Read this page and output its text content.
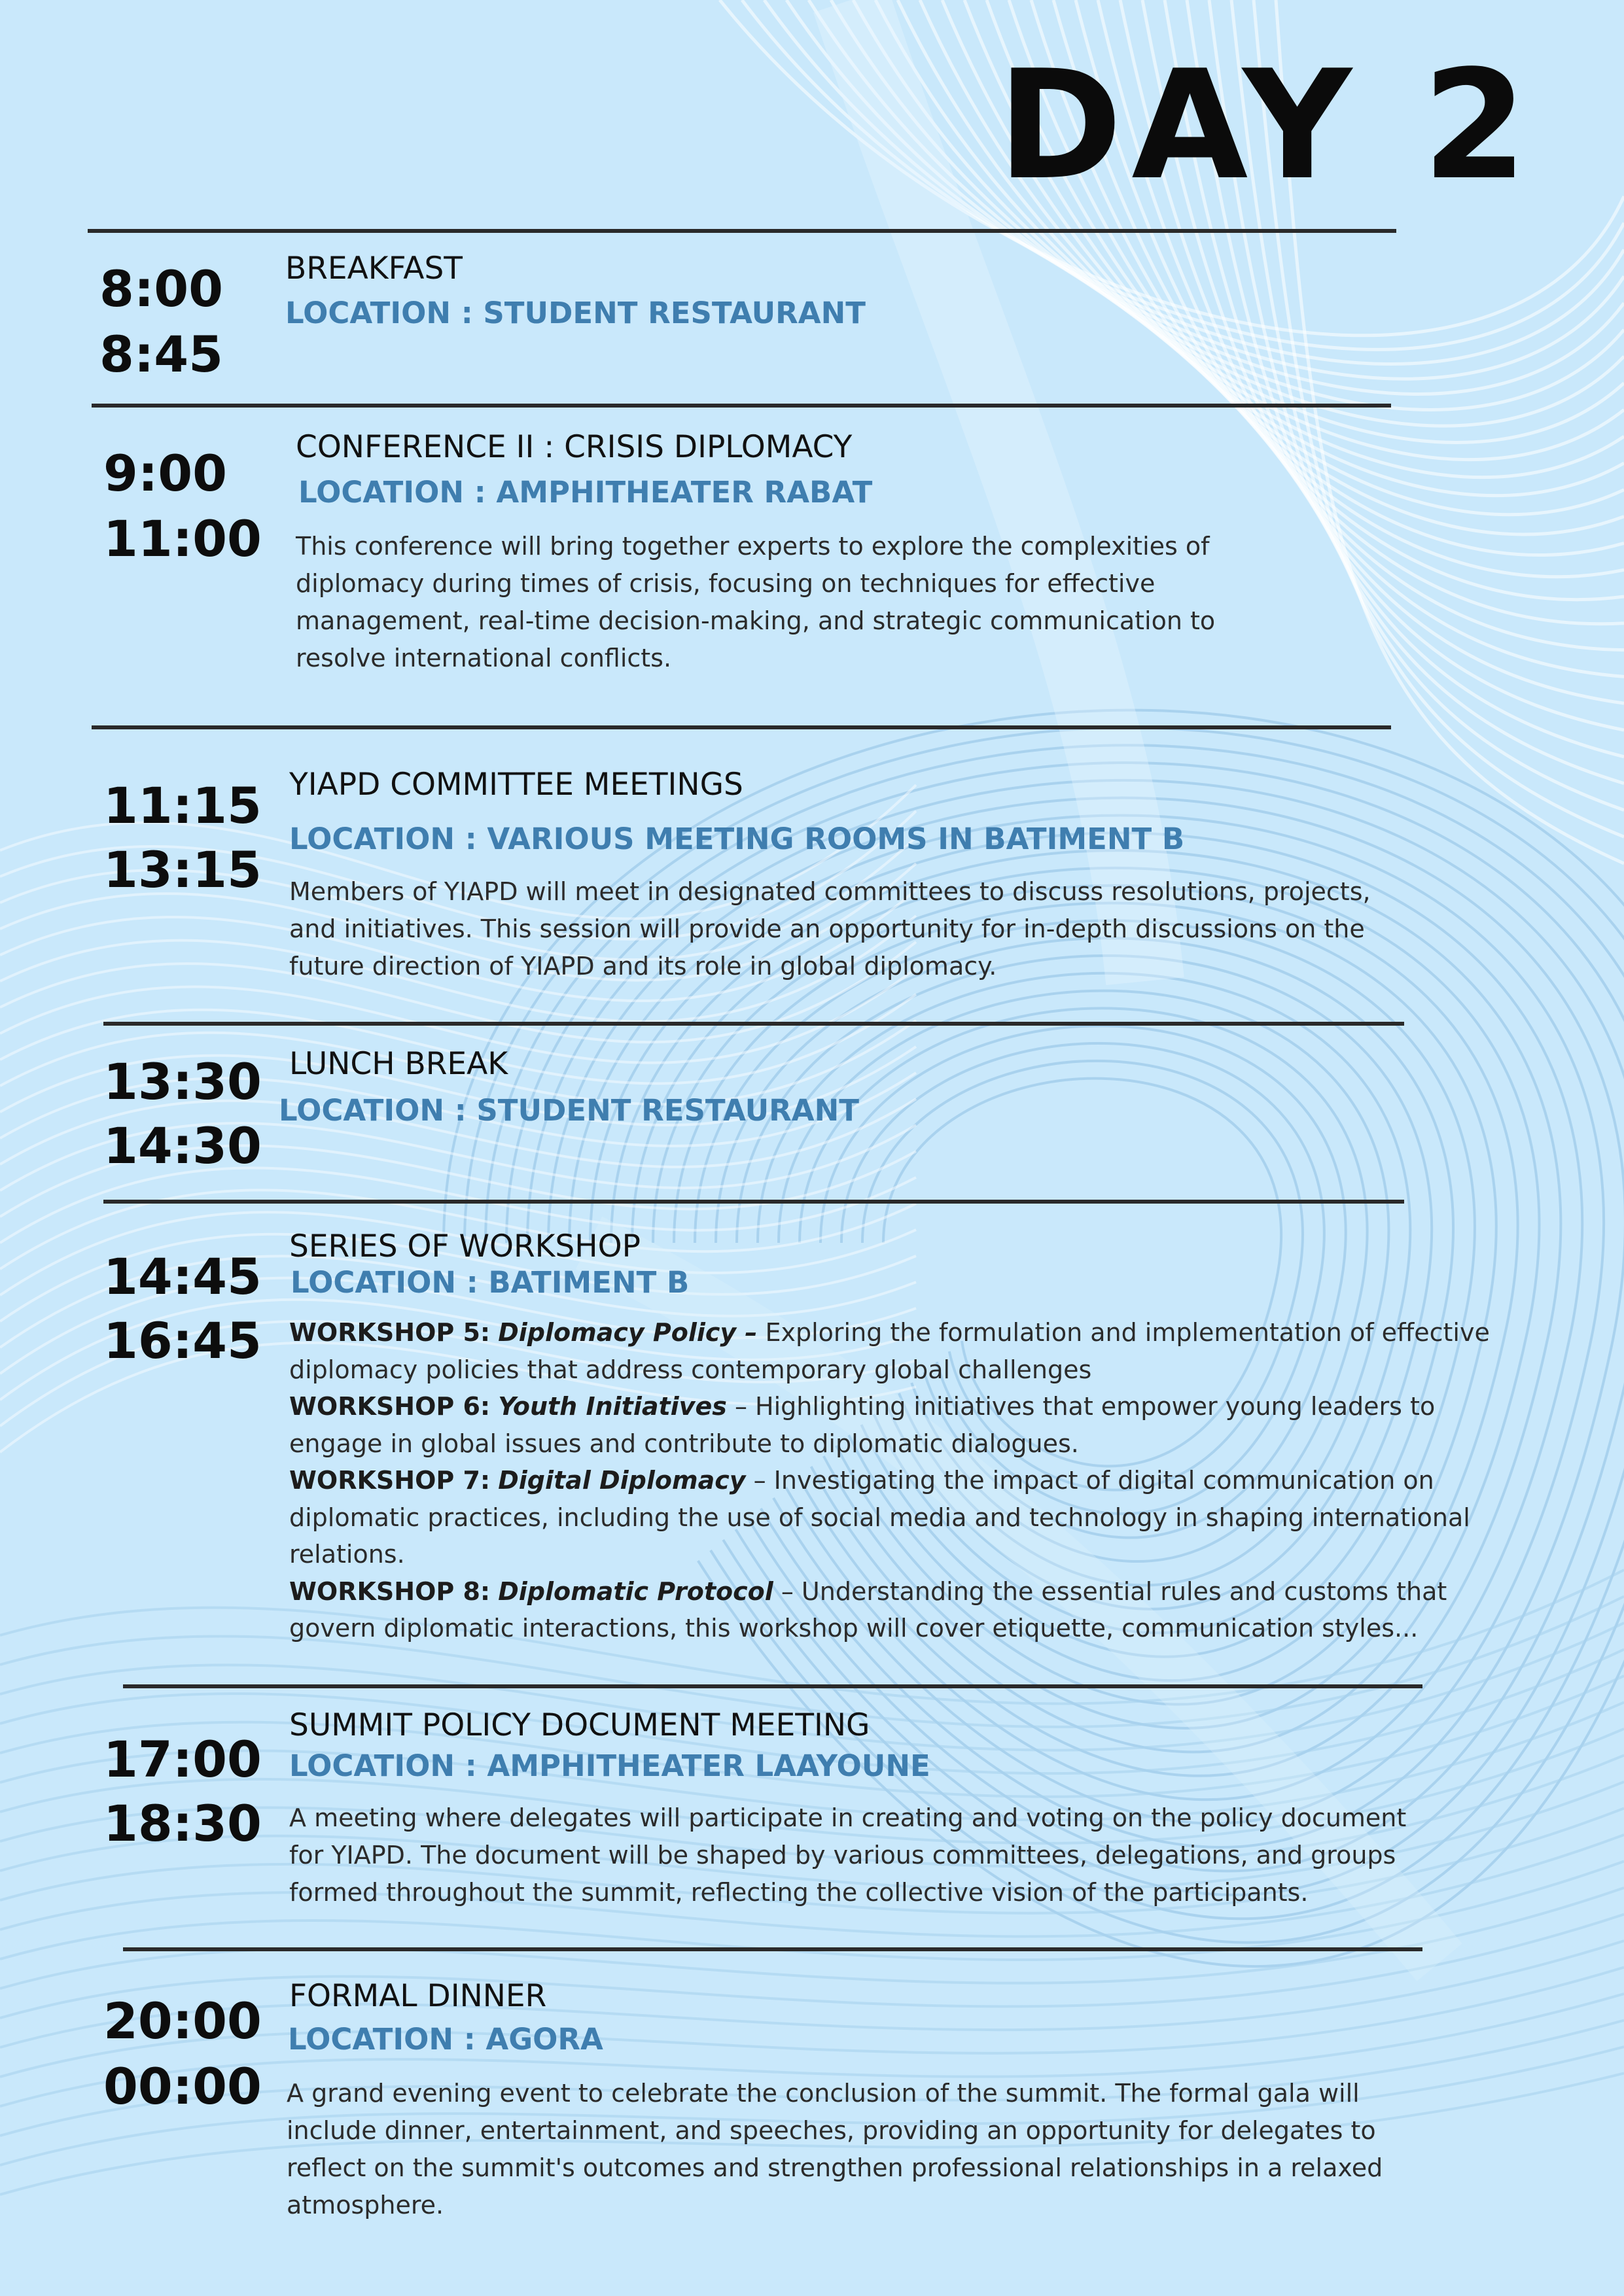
DAY 2
8:00
8:45
BREAKFAST
LOCATION : STUDENT RESTAURANT
9:00
11:00
CONFERENCE II : CRISIS DIPLOMACY
LOCATION : AMPHITHEATER RABAT

This conference will bring together experts to explore the complexities of diplomacy during times of crisis, focusing on techniques for effective management, real-time decision-making, and strategic communication to resolve international conflicts.

11:15
13:15
YIAPD COMMITTEE MEETINGS
LOCATION : VARIOUS MEETING ROOMS IN BATIMENT B

Members of YIAPD will meet in designated committees to discuss resolutions, projects, and initiatives. This session will provide an opportunity for in-depth discussions on the future direction of YIAPD and its role in global diplomacy.

13:30
14:30
LUNCH BREAK
LOCATION : STUDENT RESTAURANT
14:45
16:45
SERIES OF WORKSHOP
LOCATION : BATIMENT B

WORKSHOP 5: Diplomacy Policy – Exploring the formulation and implementation of effective diplomacy policies that address contemporary global challenges

WORKSHOP 6: Youth Initiatives – Highlighting initiatives that empower young leaders to engage in global issues and contribute to diplomatic dialogues.

WORKSHOP 7: Digital Diplomacy – Investigating the impact of digital communication on diplomatic practices, including the use of social media and technology in shaping international relations.

WORKSHOP 8: Diplomatic Protocol – Understanding the essential rules and customs that govern diplomatic interactions, this workshop will cover etiquette, communication styles...

17:00
18:30
SUMMIT POLICY DOCUMENT MEETING
LOCATION : AMPHITHEATER LAAYOUNE

A meeting where delegates will participate in creating and voting on the policy document for YIAPD. The document will be shaped by various committees, delegations, and groups formed throughout the summit, reflecting the collective vision of the participants.

20:00
00:00
FORMAL DINNER
LOCATION : AGORA

A grand evening event to celebrate the conclusion of the summit. The formal gala will include dinner, entertainment, and speeches, providing an opportunity for delegates to reflect on the summit's outcomes and strengthen professional relationships in a relaxed atmosphere.
